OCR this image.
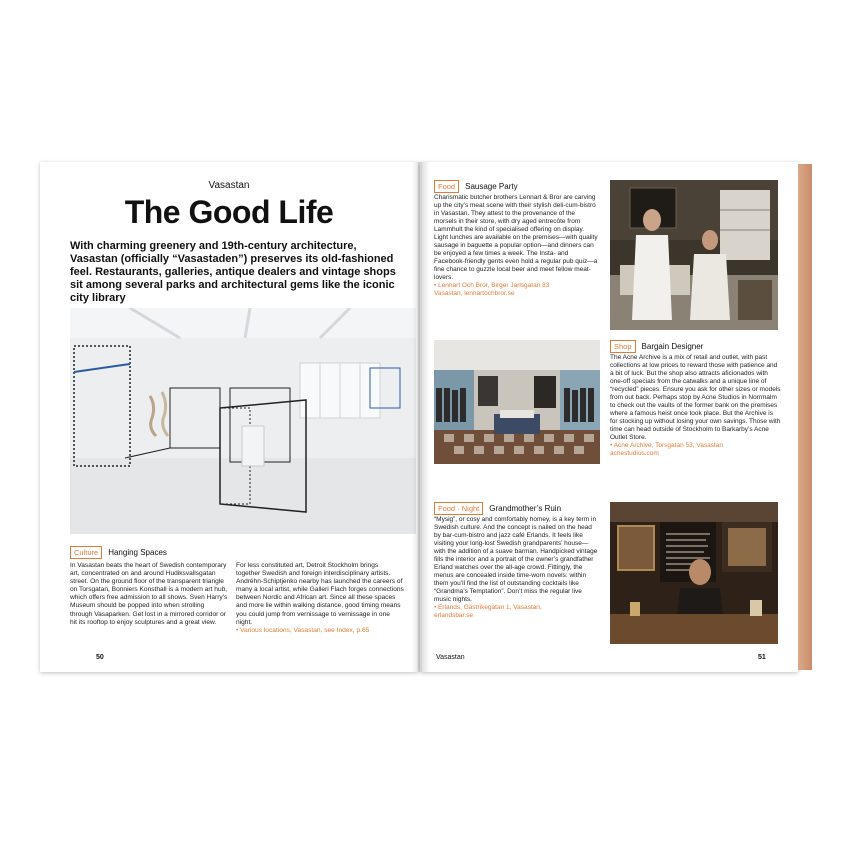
Vasastan
The Good Life
With charming greenery and 19th-century architecture, Vasastan (officially “Vasastaden”) preserves its old-fashioned feel. Restaurants, galleries, antique dealers and vintage shops sit among several parks and architectural gems like the iconic city library
Culture	Hanging Spaces
In Vasastan beats the heart of Swedish contemporary art, concentrated on and around Hudiksvallsgatan street. On the ground floor of the transparent triangle on Torsgatan, Bonniers Konsthall is a modern art hub, which offers free admission to all shows. Sven Harry’s Museum should be popped into when strolling through Vasaparken. Get lost in a mirrored corridor or hit its rooftop to enjoy sculptures and a great view.
For less constituted art, Detroit Stockholm brings together Swedish and foreign interdisciplinary artists. Andréhn-Schiptjenko nearby has launched the careers of many a local artist, while Galleri Flach forges connections between Nordic and African art. Since all these spaces and more lie within walking distance, good timing means you could jump from vernissage to vernissage in one night.
• Various locations, Vasastan, see Index, p.65
50
Food	Sausage Party
Charismatic butcher brothers Lennart & Bror are carving up the city’s meat scene with their stylish deli-cum-bistro in Vasastan. They attest to the provenance of the morsels in their store, with dry aged entrecôte from Lammhult the kind of specialised offering on display. Light lunches are available on the premises—with quality sausage in baguette a popular option—and dinners can be enjoyed a few times a week. The Insta- and Facebook-friendly gents even hold a regular pub quiz—a fine chance to guzzle local beer and meet fellow meat-lovers.
• Lennart Och Bror, Birger Jarlsgatan 83
Vasastan, lennartochbror.se
Shop	Bargain Designer
The Acne Archive is a mix of retail and outlet, with past collections at low prices to reward those with patience and a bit of luck. But the shop also attracts aficionados with one-off specials from the catwalks and a unique line of “recycled” pieces. Ensure you ask for other sizes or models from out back. Perhaps stop by Acne Studios in Norrmalm to check out the vaults of the former bank on the premises where a famous heist once took place. But the Archive is for stocking up without losing your own savings. Those with time can head outside of Stockholm to Barkarby’s Acne Outlet Store.
• Acne Archive, Torsgatan 53, Vasastan
acnestudios.com
Food · Night	Grandmother’s Ruin
“Mysig”, or cosy and comfortably homey, is a key term in Swedish culture. And the concept is nailed on the head by bar-cum-bistro and jazz café Erlands. It feels like visiting your long-lost Swedish grandparents’ house—with the addition of a suave barman. Handpicked vintage fills the interior and a portrait of the owner’s grandfather Erland watches over the all-age crowd. Fittingly, the menus are concealed inside time-worn novels: within them you’ll find the list of outstanding cocktails like “Grandma’s Temptation”. Don’t miss the regular live music nights.
• Erlands, Gästrikegatan 1, Vasastan,
erlandsbar.se
Vasastan	51
